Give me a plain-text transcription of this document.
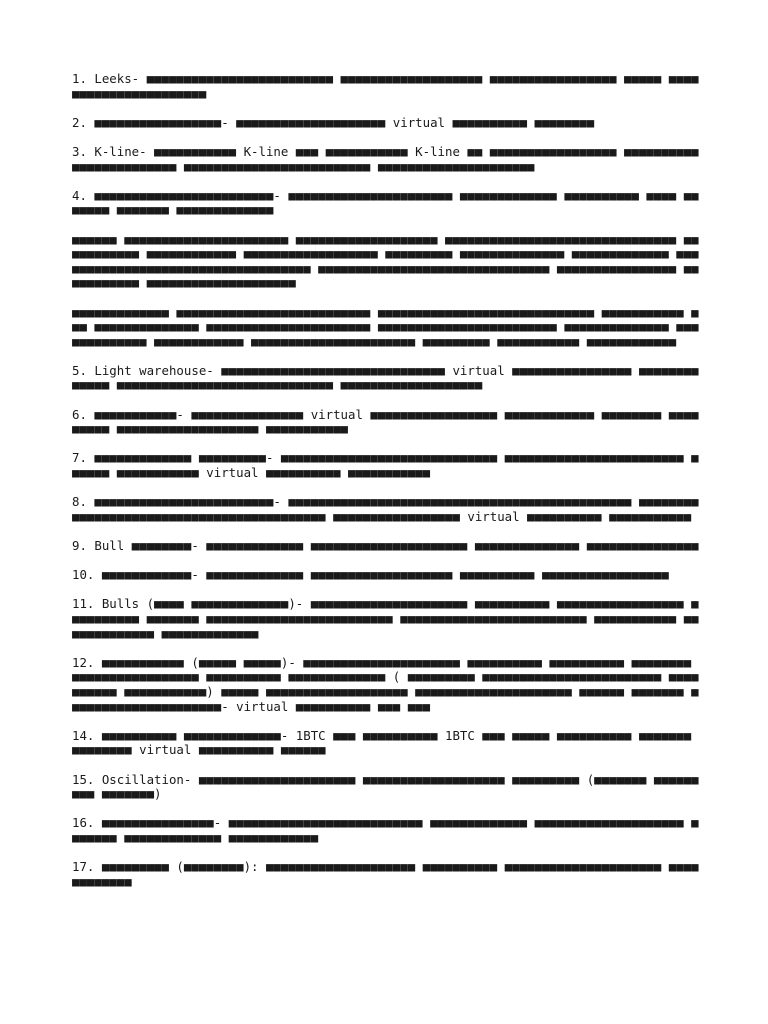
1. Leeks- ■■■■■■■■■■■■■■■■■■■■■■■■■ ■■■■■■■■■■■■■■■■■■■ ■■■■■■■■■■■■■■■■■ ■■■■■ ■■■■■■■■■■■■■■■■■■■■■■

2. ■■■■■■■■■■■■■■■■■- ■■■■■■■■■■■■■■■■■■■■ virtual ■■■■■■■■■■ ■■■■■■■■

3. K-line- ■■■■■■■■■■■ K-line ■■■ ■■■■■■■■■■■ K-line ■■ ■■■■■■■■■■■■■■■■■ ■■■■■■■■■■■■■■■■■■■■■■■■ ■■■■■■■■■■■■■■■■■■■■■■■■■ ■■■■■■■■■■■■■■■■■■■■■

4. ■■■■■■■■■■■■■■■■■■■■■■■■- ■■■■■■■■■■■■■■■■■■■■■■ ■■■■■■■■■■■■■ ■■■■■■■■■■ ■■■■ ■■■■■■■ ■■■■■■■ ■■■■■■■■■■■■■

■■■■■■ ■■■■■■■■■■■■■■■■■■■■■■ ■■■■■■■■■■■■■■■■■■■ ■■■■■■■■■■■■■■■■■■■■■■■■■■■■■■■ ■■■■■■■■■■■ ■■■■■■■■■■■■ ■■■■■■■■■■■■■■■■■■ ■■■■■■■■■ ■■■■■■■■■■■■■■ ■■■■■■■■■■■■■ ■■■■■■■■■■■■■■■■■■■■■■■■■■■■■■■■■■■ ■■■■■■■■■■■■■■■■■■■■■■■■■■■■■■■ ■■■■■■■■■■■■■■■■ ■■■■■■■■■■■ ■■■■■■■■■■■■■■■■■■■■

■■■■■■■■■■■■■ ■■■■■■■■■■■■■■■■■■■■■■■■■■ ■■■■■■■■■■■■■■■■■■■■■■■■■■■■■ ■■■■■■■■■■■ ■■■ ■■■■■■■■■■■■■■ ■■■■■■■■■■■■■■■■■■■■■■ ■■■■■■■■■■■■■■■■■■■■■■■■ ■■■■■■■■■■■■■■ ■■■■■■■■■■■■■ ■■■■■■■■■■■■ ■■■■■■■■■■■■■■■■■■■■■■ ■■■■■■■■■ ■■■■■■■■■■■ ■■■■■■■■■■■■

5. Light warehouse- ■■■■■■■■■■■■■■■■■■■■■■■■■■■■■■ virtual ■■■■■■■■■■■■■■■■ ■■■■■■■■■■■■■ ■■■■■■■■■■■■■■■■■■■■■■■■■■■■■ ■■■■■■■■■■■■■■■■■■■

6. ■■■■■■■■■■■- ■■■■■■■■■■■■■■■ virtual ■■■■■■■■■■■■■■■■■ ■■■■■■■■■■■■ ■■■■■■■■ ■■■■■■■■■ ■■■■■■■■■■■■■■■■■■■ ■■■■■■■■■■■

7. ■■■■■■■■■■■■■ ■■■■■■■■■- ■■■■■■■■■■■■■■■■■■■■■■■■■■■■■ ■■■■■■■■■■■■■■■■■■■■■■■■ ■■■■■■ ■■■■■■■■■■■ virtual ■■■■■■■■■■ ■■■■■■■■■■■

8. ■■■■■■■■■■■■■■■■■■■■■■■■- ■■■■■■■■■■■■■■■■■■■■■■■■■■■■■■■■■■■■■■■■■■■■■■ ■■■■■■■■■■■■■■■■■■■■■■■■■■■■■■■■■■■■■■■■■■ ■■■■■■■■■■■■■■■■■ virtual ■■■■■■■■■■ ■■■■■■■■■■■

9. Bull ■■■■■■■■- ■■■■■■■■■■■■■ ■■■■■■■■■■■■■■■■■■■■■ ■■■■■■■■■■■■■■ ■■■■■■■■■■■■■■■

10. ■■■■■■■■■■■■- ■■■■■■■■■■■■■ ■■■■■■■■■■■■■■■■■■■ ■■■■■■■■■■ ■■■■■■■■■■■■■■■■■

11. Bulls (■■■■ ■■■■■■■■■■■■■)- ■■■■■■■■■■■■■■■■■■■■■ ■■■■■■■■■■ ■■■■■■■■■■■■■■■■■ ■■■■■■■■■■ ■■■■■■■ ■■■■■■■■■■■■■■■■■■■■■■■■■ ■■■■■■■■■■■■■■■■■■■■■■■■■ ■■■■■■■■■■■ ■■ ■■■■■■■■■■■ ■■■■■■■■■■■■■

12. ■■■■■■■■■■■ (■■■■■ ■■■■■)- ■■■■■■■■■■■■■■■■■■■■■ ■■■■■■■■■■ ■■■■■■■■■■ ■■■■■■■■ ■■■■■■■■■■■■■■■■■ ■■■■■■■■■■ ■■■■■■■■■■■■■ ( ■■■■■■■■■ ■■■■■■■■■■■■■■■■■■■■■■■■ ■■■■■■■■■■ ■■■■■■■■■■■) ■■■■■ ■■■■■■■■■■■■■■■■■■■ ■■■■■■■■■■■■■■■■■■■■■ ■■■■■■ ■■■■■■■ ■■■■■■■■■■■■■■■■■■■■■- virtual ■■■■■■■■■■ ■■■ ■■■

14. ■■■■■■■■■■ ■■■■■■■■■■■■■- 1BTC ■■■ ■■■■■■■■■■ 1BTC ■■■ ■■■■■ ■■■■■■■■■■ ■■■■■■■ ■■■■■■■■ virtual ■■■■■■■■■■ ■■■■■■

15. Oscillation- ■■■■■■■■■■■■■■■■■■■■■ ■■■■■■■■■■■■■■■■■■■ ■■■■■■■■■ (■■■■■■■ ■■■■■■■■■ ■■■■■■■)

16. ■■■■■■■■■■■■■■■- ■■■■■■■■■■■■■■■■■■■■■■■■■■ ■■■■■■■■■■■■■ ■■■■■■■■■■■■■■■■■■■■ ■■■■■■■ ■■■■■■■■■■■■■ ■■■■■■■■■■■■

17. ■■■■■■■■■ (■■■■■■■■): ■■■■■■■■■■■■■■■■■■■■ ■■■■■■■■■■ ■■■■■■■■■■■■■■■■■■■■■ ■■■■■■■■■■■■
